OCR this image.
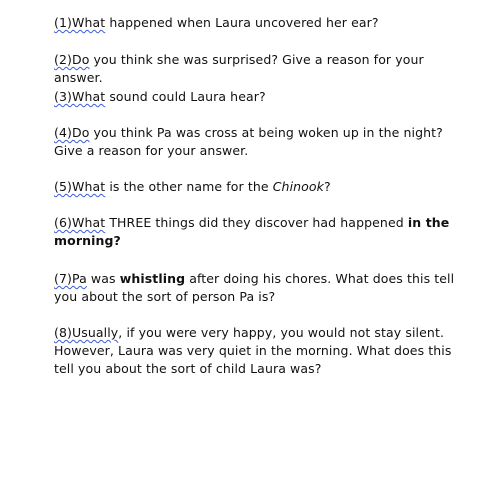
(1)What happened when Laura uncovered her ear?

(2)Do you think she was surprised? Give a reason for your answer.

(3)What sound could Laura hear?

(4)Do you think Pa was cross at being woken up in the night? Give a reason for your answer.

(5)What is the other name for the Chinook?

(6)What THREE things did they discover had happened in the morning?

(7)Pa was whistling after doing his chores. What does this tell you about the sort of person Pa is?

(8)Usually, if you were very happy, you would not stay silent. However, Laura was very quiet in the morning. What does this tell you about the sort of child Laura was?
